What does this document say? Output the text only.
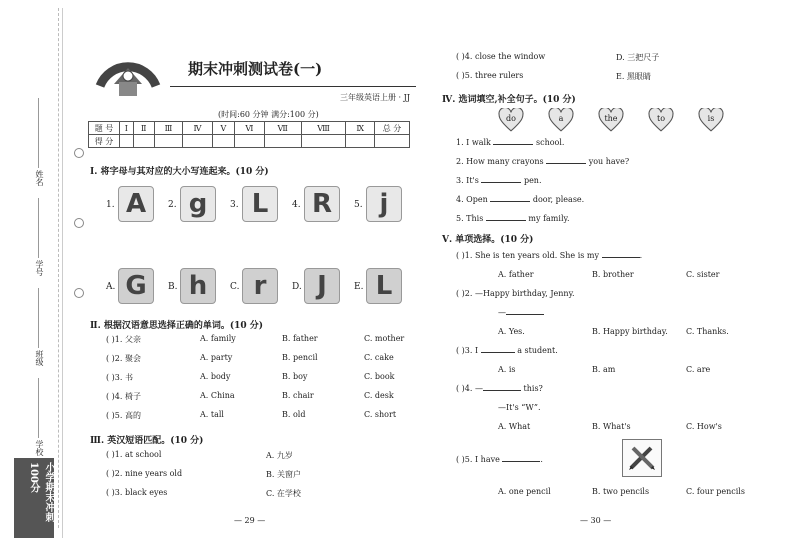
姓名
学号
班级
学校
小学期末冲刺100分
期末冲刺测试卷(一)
三年级英语上册 · JJ
(时间:60 分钟 满分:100 分)
题 号	Ⅰ	Ⅱ	Ⅲ	Ⅳ	Ⅴ	Ⅵ	Ⅶ	Ⅷ	Ⅸ	总 分
得 分										
Ⅰ. 将字母与其对应的大小写连起来。(10 分)
1. A	2. g	3. L	4. R	5. j
A. G	B. h	C. r	D. J	E. L
Ⅱ. 根据汉语意思选择正确的单词。(10 分)
( )1. 父亲	A. family	B. father	C. mother
( )2. 聚会	A. party	B. pencil	C. cake
( )3. 书	A. body	B. boy	C. book
( )4. 椅子	A. China	B. chair	C. desk
( )5. 高的	A. tall	B. old	C. short
Ⅲ. 英汉短语匹配。(10 分)
( )1. at school	A. 九岁
( )2. nine years old	B. 关窗户
( )3. black eyes	C. 在学校
— 29 —
( )4. close the window	D. 三把尺子
( )5. three rulers	E. 黑眼睛
Ⅳ. 选词填空,补全句子。(10 分)
do	a	the	to	is
1. I walk	school.
2. How many crayons	you have?
3. It's	pen.
4. Open	door, please.
5. This	my family.
Ⅴ. 单项选择。(10 分)
( )1. She is ten years old. She is my	.
A. father	B. brother	C. sister
( )2. —Happy birthday, Jenny.
—
A. Yes.	B. Happy birthday. C. Thanks.
( )3. I	a student.
A. is	B. am	C. are
( )4. —	this?
—It's “W”.
A. What	B. What's	C. How's
( )5. I have	.
A. one pencil	B. two pencils	C. four pencils
— 30 —
